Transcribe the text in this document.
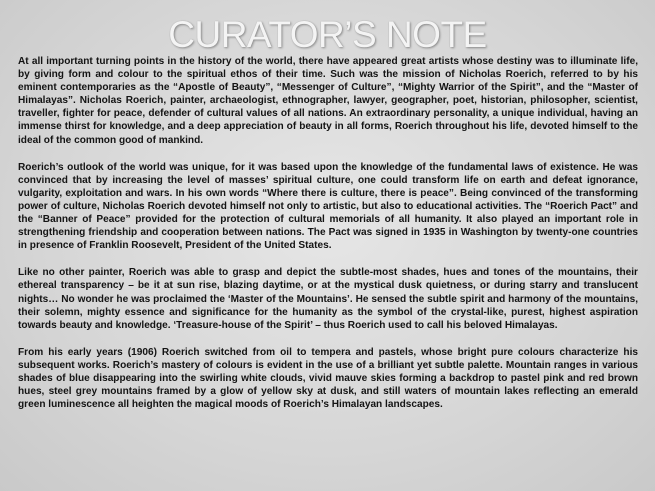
CURATOR’S NOTE

At all important turning points in the history of the world, there have appeared great artists whose destiny was to illuminate life, by giving form and colour to the spiritual ethos of their time. Such was the mission of Nicholas Roerich, referred to by his eminent contemporaries as the “Apostle of Beauty”, “Messenger of Culture”, “Mighty Warrior of the Spirit”, and the “Master of Himalayas”. Nicholas Roerich, painter, archaeologist, ethnographer, lawyer, geographer, poet, historian, philosopher, scientist, traveller, fighter for peace, defender of cultural values of all nations. An extraordinary personality, a unique individual, having an immense thirst for knowledge, and a deep appreciation of beauty in all forms, Roerich throughout his life, devoted himself to the ideal of the common good of mankind.

Roerich’s outlook of the world was unique, for it was based upon the knowledge of the fundamental laws of existence. He was convinced that by increasing the level of masses’ spiritual culture, one could transform life on earth and defeat ignorance, vulgarity, exploitation and wars. In his own words “Where there is culture, there is peace”. Being convinced of the transforming power of culture, Nicholas Roerich devoted himself not only to artistic, but also to educational activities. The “Roerich Pact” and the “Banner of Peace” provided for the protection of cultural memorials of all humanity. It also played an important role in strengthening friendship and cooperation between nations. The Pact was signed in 1935 in Washington by twenty-one countries in presence of Franklin Roosevelt, President of the United States.

Like no other painter, Roerich was able to grasp and depict the subtle-most shades, hues and tones of the mountains, their ethereal transparency – be it at sun rise, blazing daytime, or at the mystical dusk quietness, or during starry and translucent nights… No wonder he was proclaimed the ‘Master of the Mountains’. He sensed the subtle spirit and harmony of the mountains, their solemn, mighty essence and significance for the humanity as the symbol of the crystal-like, purest, highest aspiration towards beauty and knowledge. ‘Treasure-house of the Spirit’ – thus Roerich used to call his beloved Himalayas.

From his early years (1906) Roerich switched from oil to tempera and pastels, whose bright pure colours characterize his subsequent works. Roerich’s mastery of colours is evident in the use of a brilliant yet subtle palette. Mountain ranges in various shades of blue disappearing into the swirling white clouds, vivid mauve skies forming a backdrop to pastel pink and red brown hues, steel grey mountains framed by a glow of yellow sky at dusk, and still waters of mountain lakes reflecting an emerald green luminescence all heighten the magical moods of Roerich’s Himalayan landscapes.
